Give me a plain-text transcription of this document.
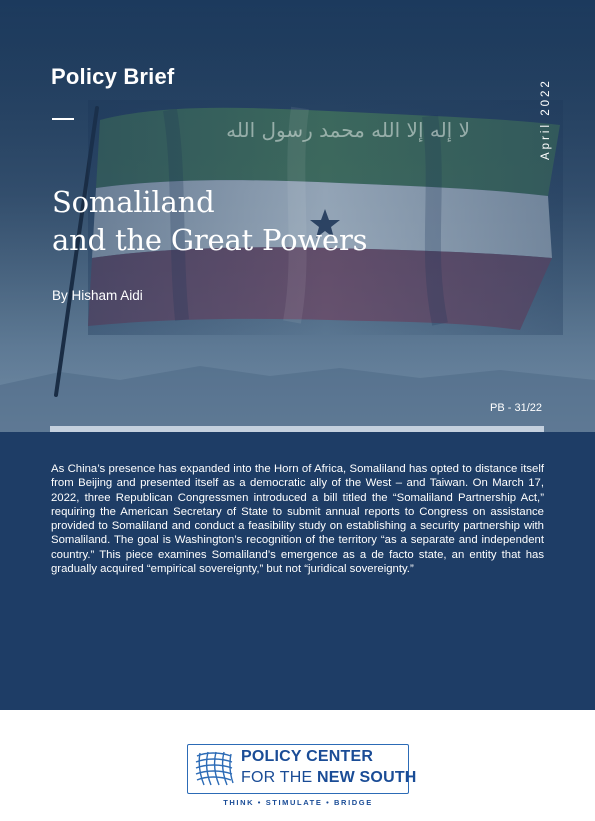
لا إله إلا الله محمد رسول الله
Policy Brief
Somaliland
and the Great Powers
By Hisham Aidi
April 2022
PB - 31/22

As China’s presence has expanded into the Horn of Africa, Somaliland has opted to distance itself from Beijing and presented itself as a democratic ally of the West – and Taiwan. On March 17, 2022, three Republican Congressmen introduced a bill titled the “Somaliland Partnership Act,” requiring the American Secretary of State to submit annual reports to Congress on assistance provided to Somaliland and conduct a feasibility study on establishing a security partnership with Somaliland. The goal is Washington’s recognition of the territory “as a separate and independent country.” This piece examines Somaliland’s emergence as a de facto state, an entity that has gradually acquired “empirical sovereignty,” but not “juridical sovereignty.”

POLICY CENTER
FOR THE NEW SOUTH
THINK • STIMULATE • BRIDGE
